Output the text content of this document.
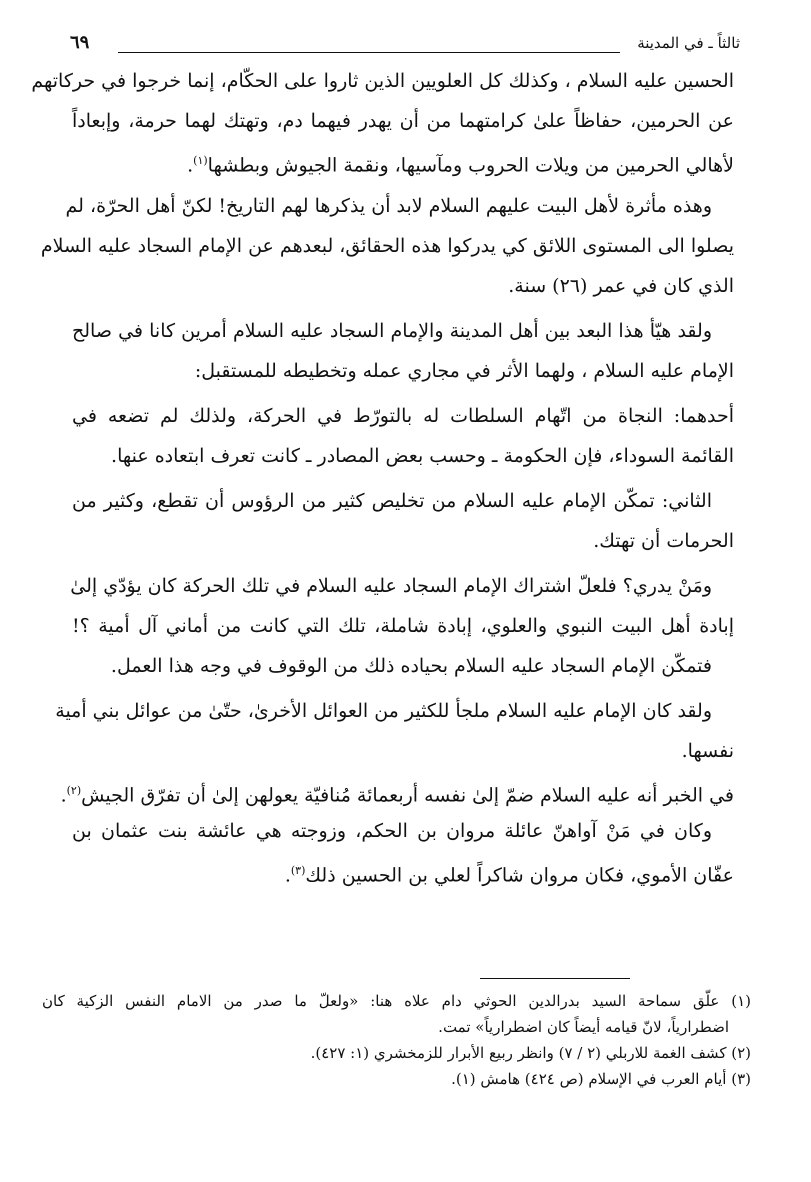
ثالثاً ـ في المدينة
٦٩
الحسين عليه السلام ، وكذلك كل العلويين الذين ثاروا على الحكّام، إنما خرجوا في حركاتهم
عن الحرمين، حفاظاً علىٰ كرامتهما من أن يهدر فيهما دم، وتهتك لهما حرمة، وإبعاداً
لأهالي الحرمين من ويلات الحروب ومآسيها، ونقمة الجيوش وبطشها$^{(١)}$.
وهذه مأثرة لأهل البيت عليهم السلام لابد أن يذكرها لهم التاريخ! لكنّ أهل الحرّة، لم
يصلوا الى المستوى اللائق كي يدركوا هذه الحقائق، لبعدهم عن الإمام السجاد عليه السلام
الذي كان في عمر (٢٦) سنة.
ولقد هيّأ هذا البعد بين أهل المدينة والإمام السجاد عليه السلام أمرين كانا في صالح
الإمام عليه السلام ، ولهما الأثر في مجاري عمله وتخطيطه للمستقبل:
أحدهما: النجاة من اتّهام السلطات له بالتورّط في الحركة، ولذلك لم تضعه في
القائمة السوداء، فإن الحكومة ـ وحسب بعض المصادر ـ كانت تعرف ابتعاده عنها.
الثاني: تمكّن الإمام عليه السلام من تخليص كثير من الرؤوس أن تقطع، وكثير من
الحرمات أن تهتك.
ومَنْ يدري؟ فلعلّ اشتراك الإمام السجاد عليه السلام في تلك الحركة كان يؤدّي إلىٰ
إبادة أهل البيت النبوي والعلوي، إبادة شاملة، تلك التي كانت من أماني آل أمية ؟!
فتمكّن الإمام السجاد عليه السلام بحياده ذلك من الوقوف في وجه هذا العمل.
ولقد كان الإمام عليه السلام ملجأ للكثير من العوائل الأخرىٰ، حتّىٰ من عوائل بني أمية
نفسها.
في الخبر أنه عليه السلام ضمّ إلىٰ نفسه أربعمائة مُنافيّة يعولهن إلىٰ أن تفرّق الجيش$^{(٢)}$.
وكان في مَنْ آواهنّ عائلة مروان بن الحكم، وزوجته هي عائشة بنت عثمان بن
عفّان الأموي، فكان مروان شاكراً لعلي بن الحسين ذلك$^{(٣)}$.
(١) علّق سماحة السيد بدرالدين الحوثي دام علاه هنا: «ولعلّ ما صدر من الامام النفس الزكية كان
اضطرارياً، لانّ قيامه أيضاً كان اضطرارياً» تمت.
(٢) كشف الغمة للاربلي (٢ / ٧) وانظر ربيع الأبرار للزمخشري (١: ٤٢٧).
(٣) أيام العرب في الإسلام (ص ٤٢٤) هامش (١).
